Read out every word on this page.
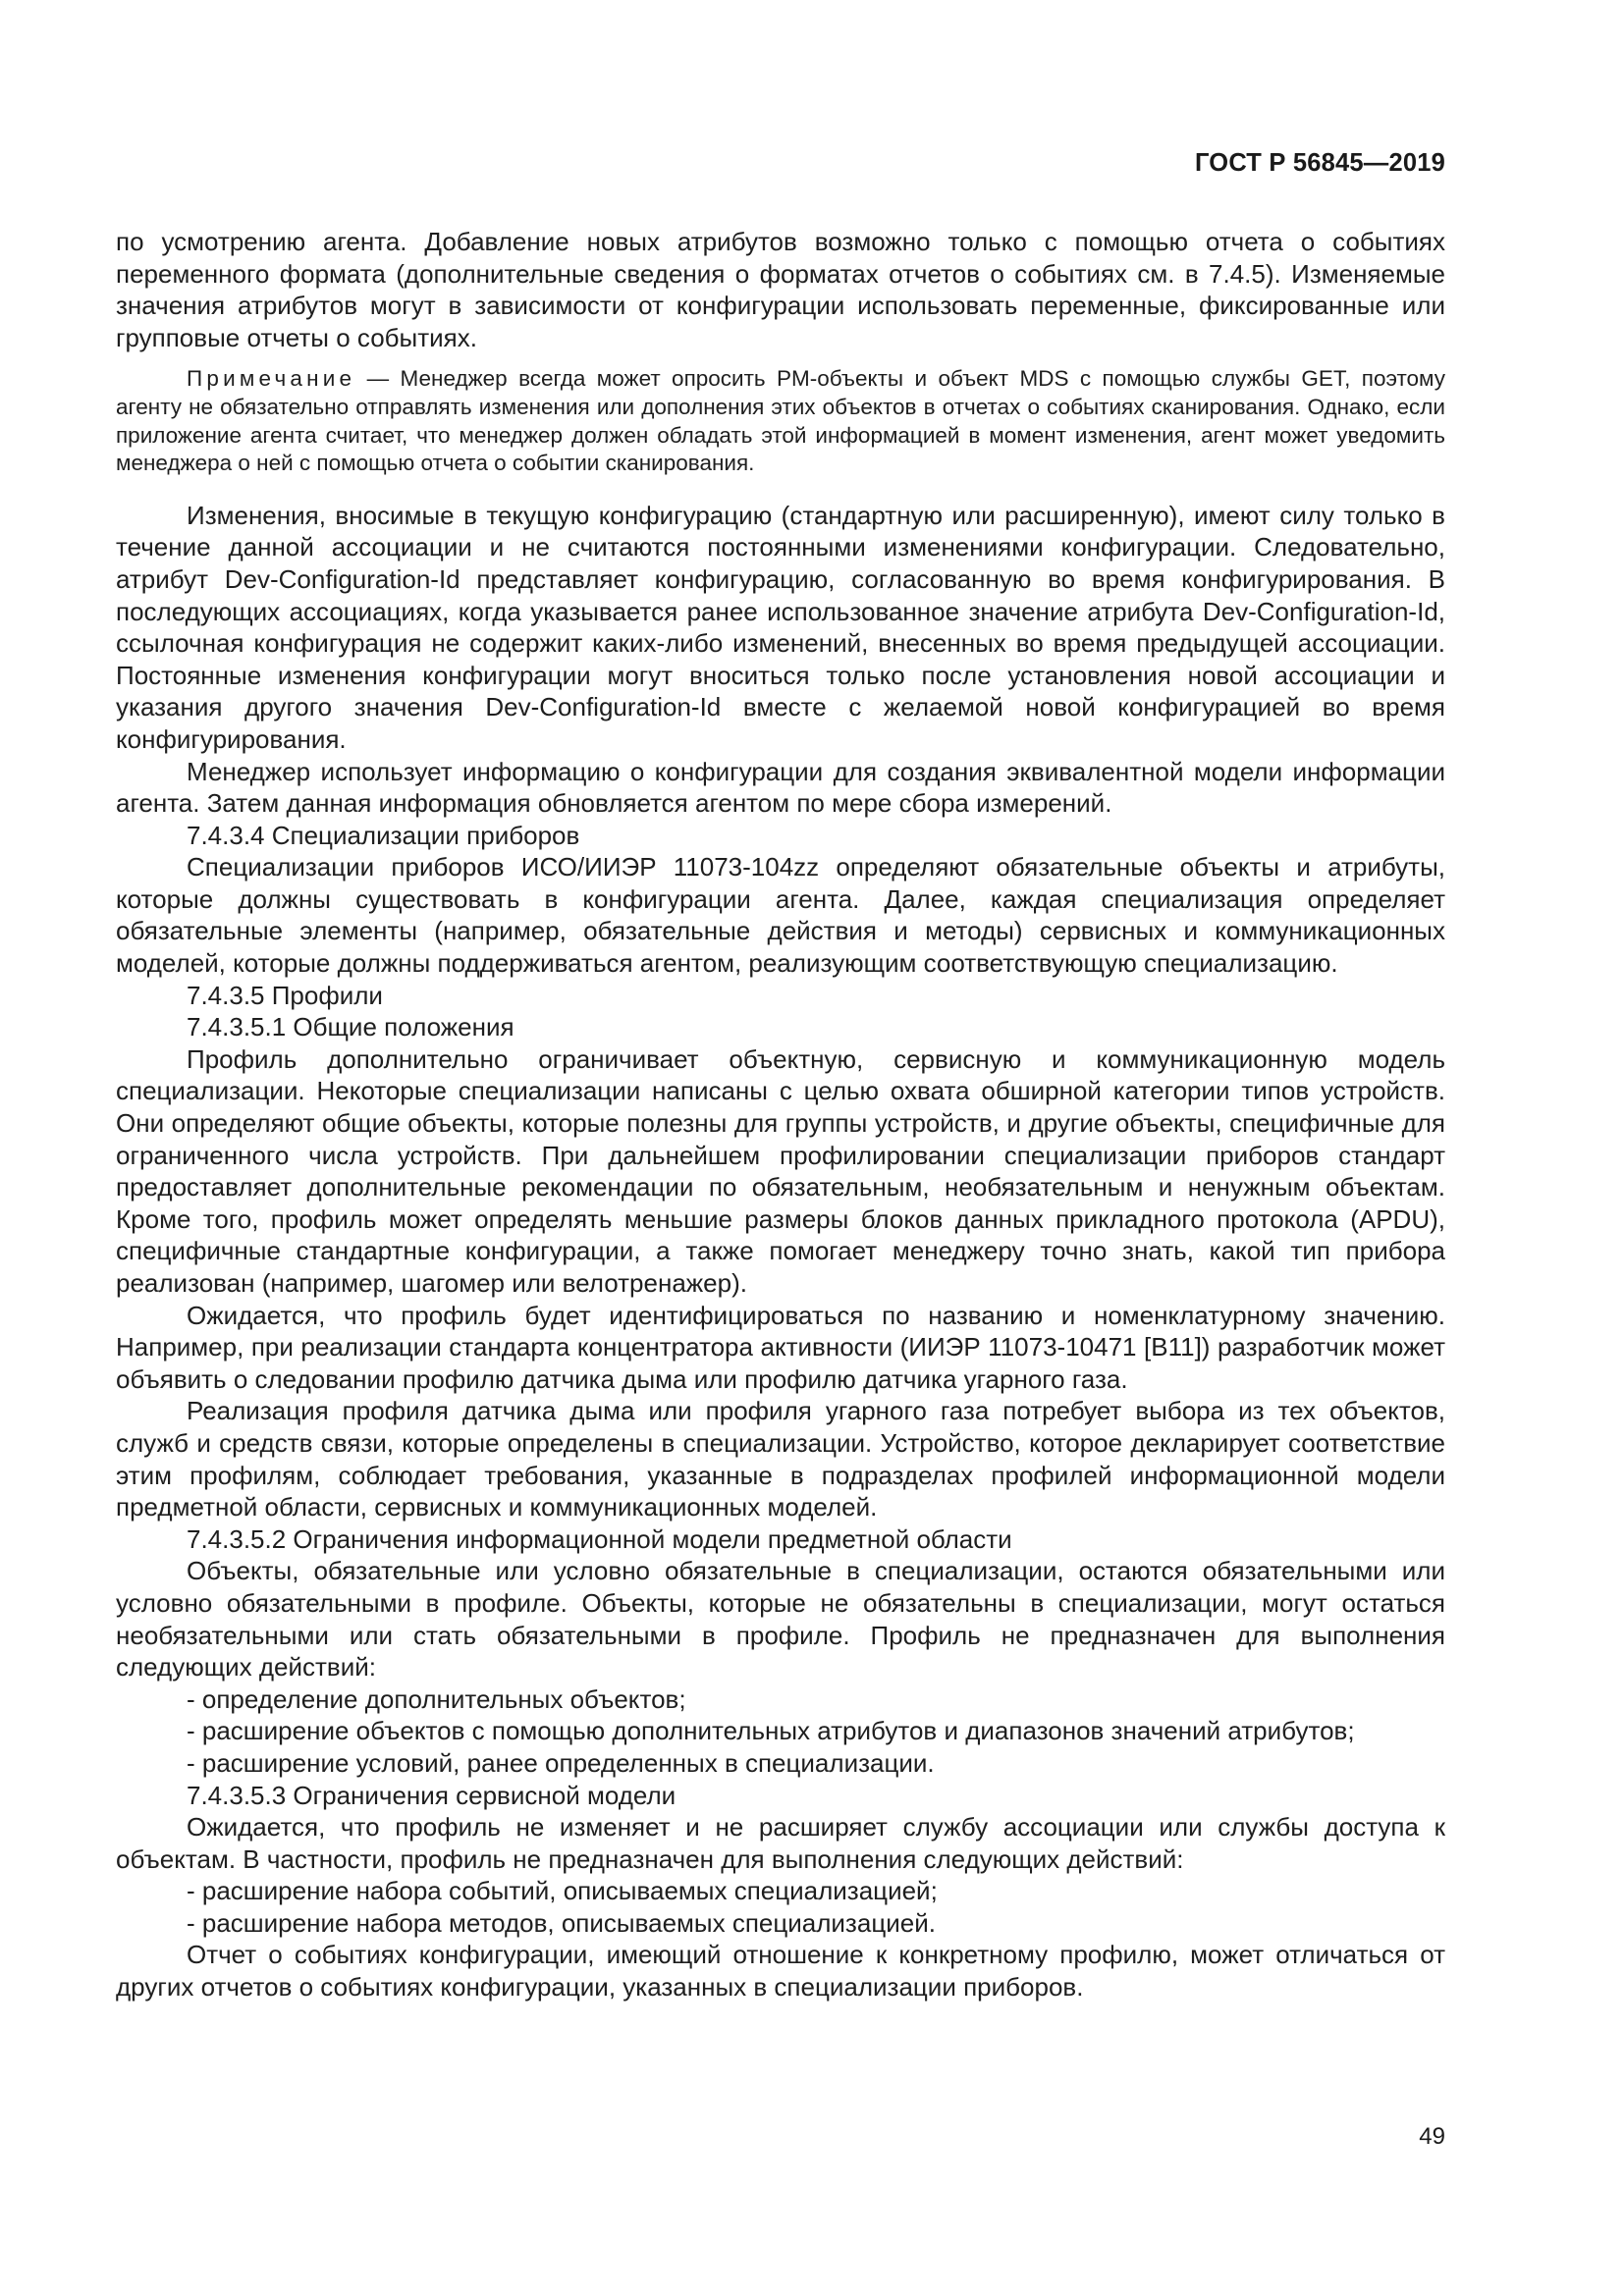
ГОСТ Р 56845—2019

по усмотрению агента. Добавление новых атрибутов возможно только с помощью отчета о событиях переменного формата (дополнительные сведения о форматах отчетов о событиях см. в 7.4.5). Изменяемые значения атрибутов могут в зависимости от конфигурации использовать переменные, фиксированные или групповые отчеты о событиях.

Примечание — Менеджер всегда может опросить PM-объекты и объект MDS с помощью службы GET, поэтому агенту не обязательно отправлять изменения или дополнения этих объектов в отчетах о событиях сканирования. Однако, если приложение агента считает, что менеджер должен обладать этой информацией в момент изменения, агент может уведомить менеджера о ней с помощью отчета о событии сканирования.

Изменения, вносимые в текущую конфигурацию (стандартную или расширенную), имеют силу только в течение данной ассоциации и не считаются постоянными изменениями конфигурации. Следовательно, атрибут Dev-Configuration-Id представляет конфигурацию, согласованную во время конфигурирования. В последующих ассоциациях, когда указывается ранее использованное значение атрибута Dev-Configuration-Id, ссылочная конфигурация не содержит каких-либо изменений, внесенных во время предыдущей ассоциации. Постоянные изменения конфигурации могут вноситься только после установления новой ассоциации и указания другого значения Dev-Configuration-Id вместе с желаемой новой конфигурацией во время конфигурирования.

Менеджер использует информацию о конфигурации для создания эквивалентной модели информации агента. Затем данная информация обновляется агентом по мере сбора измерений.

7.4.3.4 Специализации приборов

Специализации приборов ИСО/ИИЭР 11073-104zz определяют обязательные объекты и атрибуты, которые должны существовать в конфигурации агента. Далее, каждая специализация определяет обязательные элементы (например, обязательные действия и методы) сервисных и коммуникационных моделей, которые должны поддерживаться агентом, реализующим соответствующую специализацию.

7.4.3.5 Профили

7.4.3.5.1 Общие положения

Профиль дополнительно ограничивает объектную, сервисную и коммуникационную модель специализации. Некоторые специализации написаны с целью охвата обширной категории типов устройств. Они определяют общие объекты, которые полезны для группы устройств, и другие объекты, специфичные для ограниченного числа устройств. При дальнейшем профилировании специализации приборов стандарт предоставляет дополнительные рекомендации по обязательным, необязательным и ненужным объектам. Кроме того, профиль может определять меньшие размеры блоков данных прикладного протокола (APDU), специфичные стандартные конфигурации, а также помогает менеджеру точно знать, какой тип прибора реализован (например, шагомер или велотренажер).

Ожидается, что профиль будет идентифицироваться по названию и номенклатурному значению. Например, при реализации стандарта концентратора активности (ИИЭР 11073-10471 [В11]) разработчик может объявить о следовании профилю датчика дыма или профилю датчика угарного газа.

Реализация профиля датчика дыма или профиля угарного газа потребует выбора из тех объектов, служб и средств связи, которые определены в специализации. Устройство, которое декларирует соответствие этим профилям, соблюдает требования, указанные в подразделах профилей информационной модели предметной области, сервисных и коммуникационных моделей.

7.4.3.5.2 Ограничения информационной модели предметной области

Объекты, обязательные или условно обязательные в специализации, остаются обязательными или условно обязательными в профиле. Объекты, которые не обязательны в специализации, могут остаться необязательными или стать обязательными в профиле. Профиль не предназначен для выполнения следующих действий:

- определение дополнительных объектов;

- расширение объектов с помощью дополнительных атрибутов и диапазонов значений атрибутов;

- расширение условий, ранее определенных в специализации.

7.4.3.5.3 Ограничения сервисной модели

Ожидается, что профиль не изменяет и не расширяет службу ассоциации или службы доступа к объектам. В частности, профиль не предназначен для выполнения следующих действий:

- расширение набора событий, описываемых специализацией;

- расширение набора методов, описываемых специализацией.

Отчет о событиях конфигурации, имеющий отношение к конкретному профилю, может отличаться от других отчетов о событиях конфигурации, указанных в специализации приборов.

49
